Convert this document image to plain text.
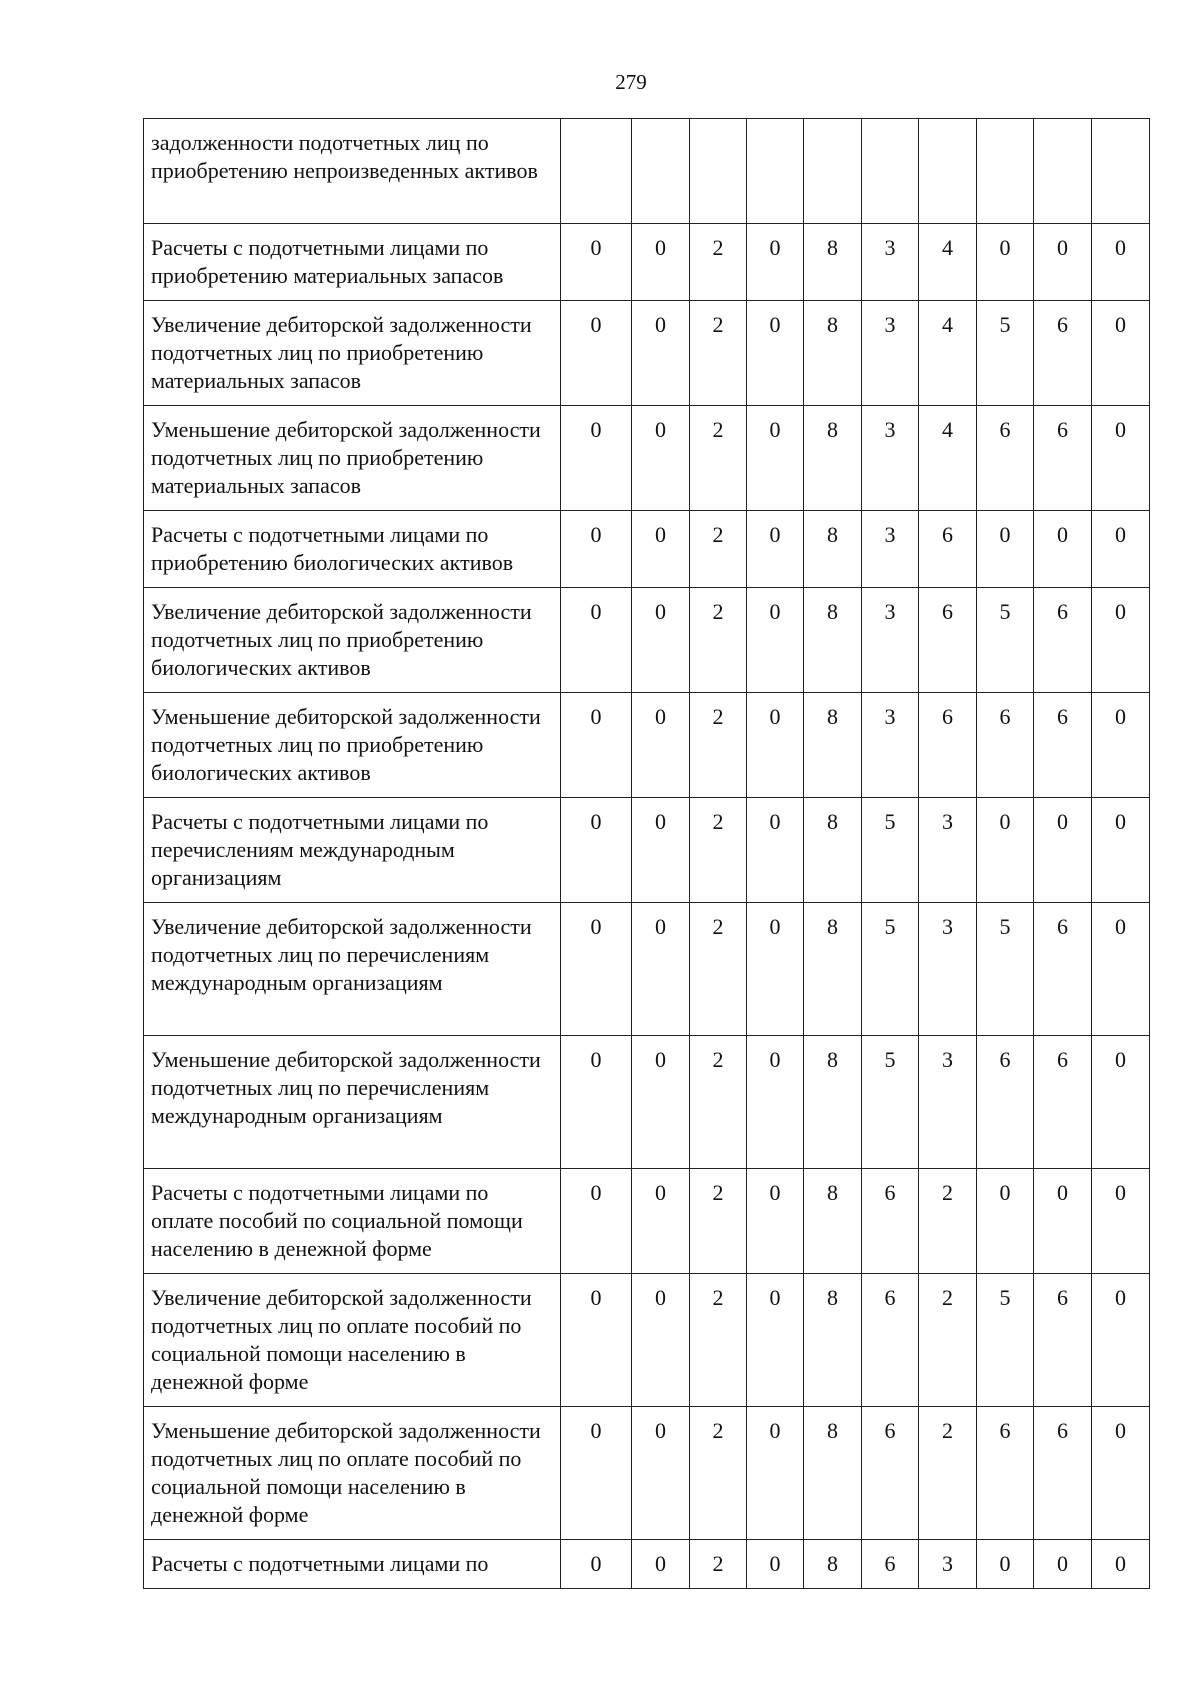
279
задолженности подотчетных лиц по приобретению непроизведенных активов										
Расчеты с подотчетными лицами по приобретению материальных запасов	0	0	2	0	8	3	4	0	0	0
Увеличение дебиторской задолженности подотчетных лиц по приобретению материальных запасов	0	0	2	0	8	3	4	5	6	0
Уменьшение дебиторской задолженности подотчетных лиц по приобретению материальных запасов	0	0	2	0	8	3	4	6	6	0
Расчеты с подотчетными лицами по приобретению биологических активов	0	0	2	0	8	3	6	0	0	0
Увеличение дебиторской задолженности подотчетных лиц по приобретению биологических активов	0	0	2	0	8	3	6	5	6	0
Уменьшение дебиторской задолженности подотчетных лиц по приобретению биологических активов	0	0	2	0	8	3	6	6	6	0
Расчеты с подотчетными лицами по перечислениям международным организациям	0	0	2	0	8	5	3	0	0	0
Увеличение дебиторской задолженности подотчетных лиц по перечислениям международным организациям	0	0	2	0	8	5	3	5	6	0
Уменьшение дебиторской задолженности подотчетных лиц по перечислениям международным организациям	0	0	2	0	8	5	3	6	6	0
Расчеты с подотчетными лицами по оплате пособий по социальной помощи населению в денежной форме	0	0	2	0	8	6	2	0	0	0
Увеличение дебиторской задолженности подотчетных лиц по оплате пособий по социальной помощи населению в денежной форме	0	0	2	0	8	6	2	5	6	0
Уменьшение дебиторской задолженности подотчетных лиц по оплате пособий по социальной помощи населению в денежной форме	0	0	2	0	8	6	2	6	6	0
Расчеты с подотчетными лицами по	0	0	2	0	8	6	3	0	0	0
